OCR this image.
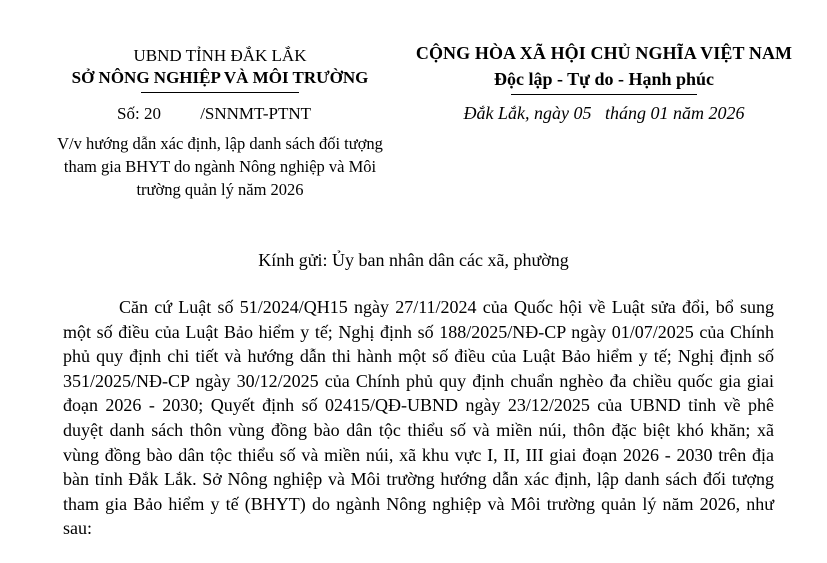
UBND TỈNH ĐẮK LẮK
SỞ NÔNG NGHIỆP VÀ MÔI TRƯỜNG
Số: 20 /SNNMT-PTNT
V/v hướng dẫn xác định, lập danh sách đối tượng tham gia BHYT do ngành Nông nghiệp và Môi trường quản lý năm 2026
CỘNG HÒA XÃ HỘI CHỦ NGHĨA VIỆT NAM
Độc lập - Tự do - Hạnh phúc
Đắk Lắk, ngày 05   tháng 01 năm 2026
Kính gửi: Ủy ban nhân dân các xã, phường
Căn cứ Luật số 51/2024/QH15 ngày 27/11/2024 của Quốc hội về Luật sửa đổi, bổ sung một số điều của Luật Bảo hiểm y tế; Nghị định số 188/2025/NĐ-CP ngày 01/07/2025 của Chính phủ quy định chi tiết và hướng dẫn thi hành một số điều của Luật Bảo hiểm y tế; Nghị định số 351/2025/NĐ-CP ngày 30/12/2025 của Chính phủ quy định chuẩn nghèo đa chiều quốc gia giai đoạn 2026 - 2030; Quyết định số 02415/QĐ-UBND ngày 23/12/2025 của UBND tỉnh về phê duyệt danh sách thôn vùng đồng bào dân tộc thiểu số và miền núi, thôn đặc biệt khó khăn; xã vùng đồng bào dân tộc thiểu số và miền núi, xã khu vực I, II, III giai đoạn 2026 - 2030 trên địa bàn tỉnh Đắk Lắk. Sở Nông nghiệp và Môi trường hướng dẫn xác định, lập danh sách đối tượng tham gia Bảo hiểm y tế (BHYT) do ngành Nông nghiệp và Môi trường quản lý năm 2026, như sau:
